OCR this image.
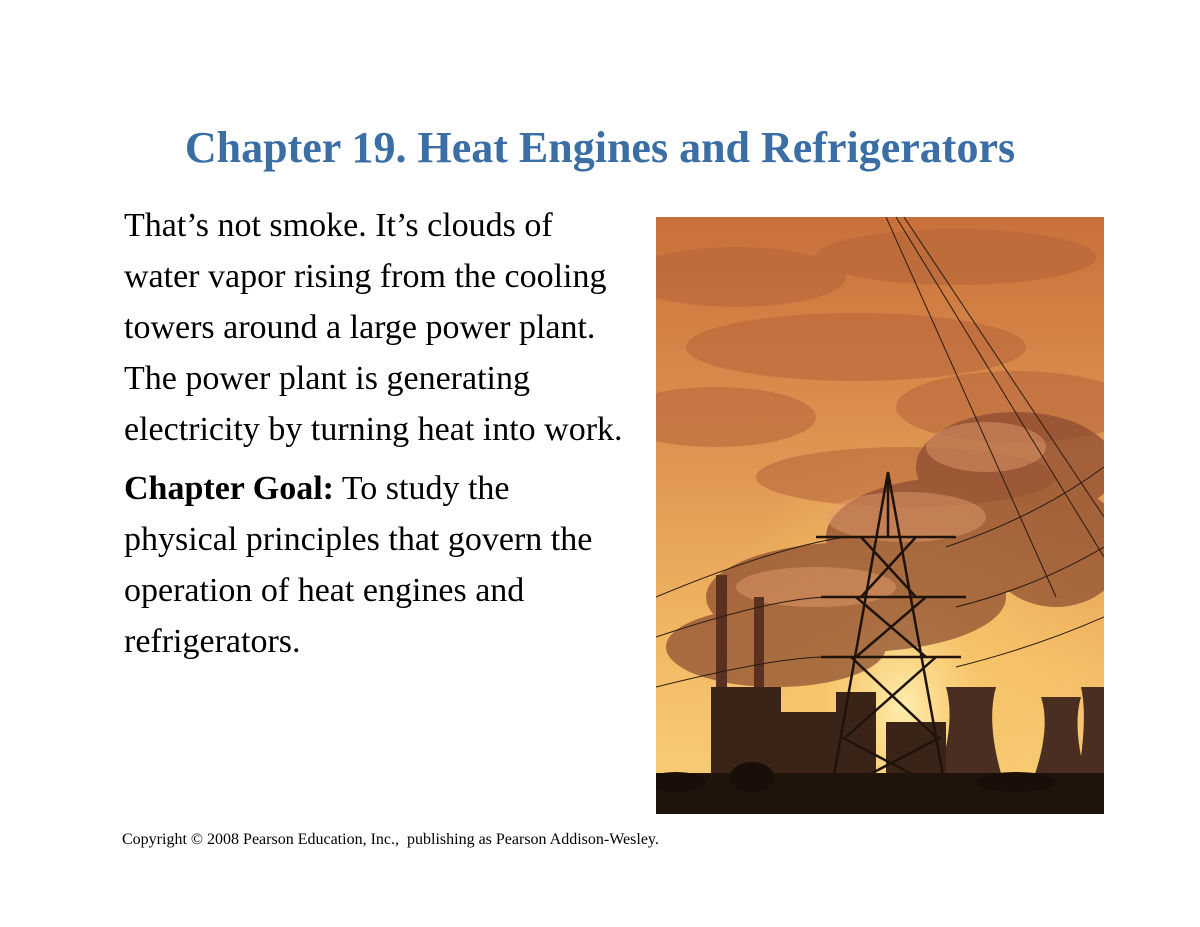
Chapter 19. Heat Engines and Refrigerators

That’s not smoke. It’s clouds of water vapor rising from the cooling towers around a large power plant. The power plant is generating electricity by turning heat into work.

Chapter Goal: To study the

physical principles that govern the operation of heat engines and refrigerators.

Copyright © 2008 Pearson Education, Inc.,  publishing as Pearson Addison-Wesley.
